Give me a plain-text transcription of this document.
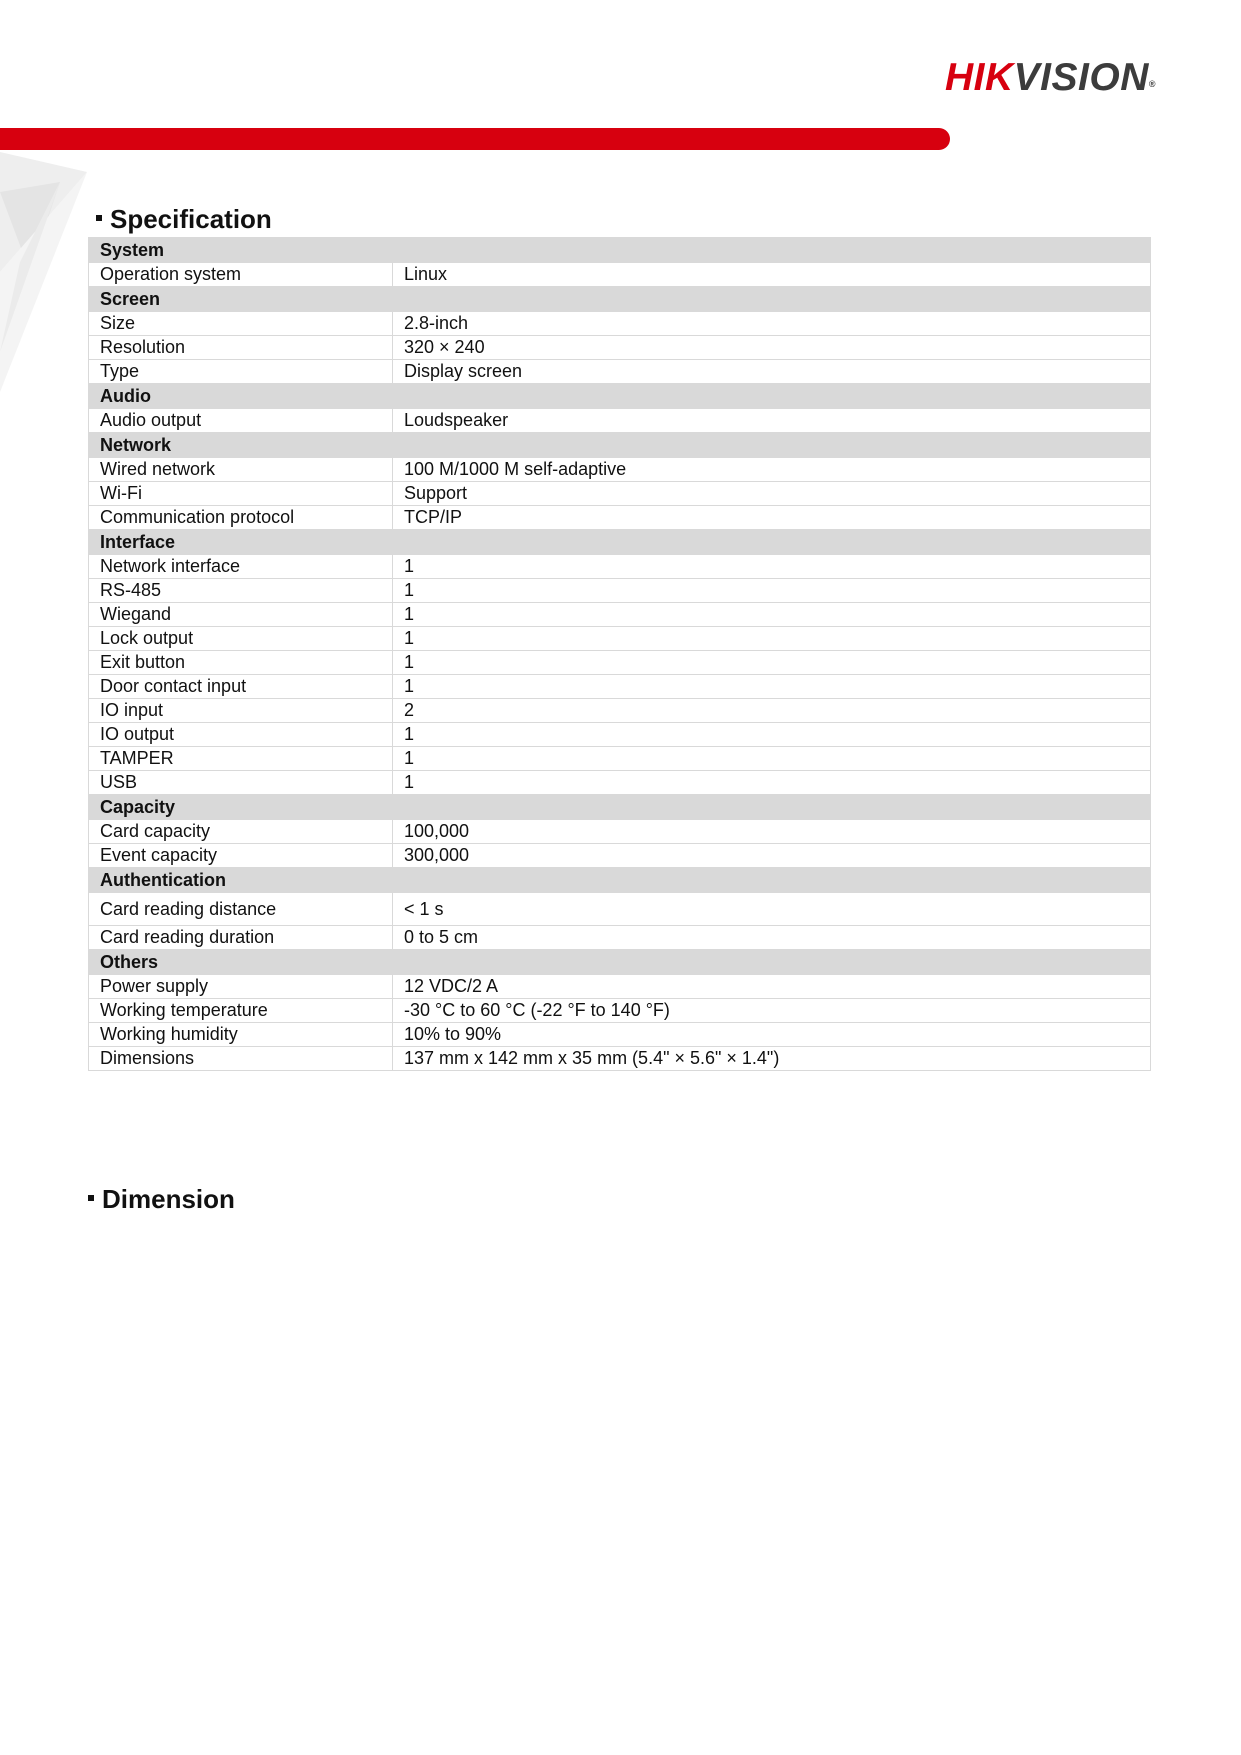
HIKVISION®
Specification
System	
Operation system	Linux
Screen	
Size	2.8-inch
Resolution	320 × 240
Type	Display screen
Audio	
Audio output	Loudspeaker
Network	
Wired network	100 M/1000 M self-adaptive
Wi-Fi	Support
Communication protocol	TCP/IP
Interface	
Network interface	1
RS-485	1
Wiegand	1
Lock output	1
Exit button	1
Door contact input	1
IO input	2
IO output	1
TAMPER	1
USB	1
Capacity	
Card capacity	100,000
Event capacity	300,000
Authentication	
Card reading distance	< 1 s
Card reading duration	0 to 5 cm
Others	
Power supply	12 VDC/2 A
Working temperature	-30 °C to 60 °C (-22 °F to 140 °F)
Working humidity	10% to 90%
Dimensions	137 mm x 142 mm x 35 mm (5.4" × 5.6" × 1.4")
Dimension
